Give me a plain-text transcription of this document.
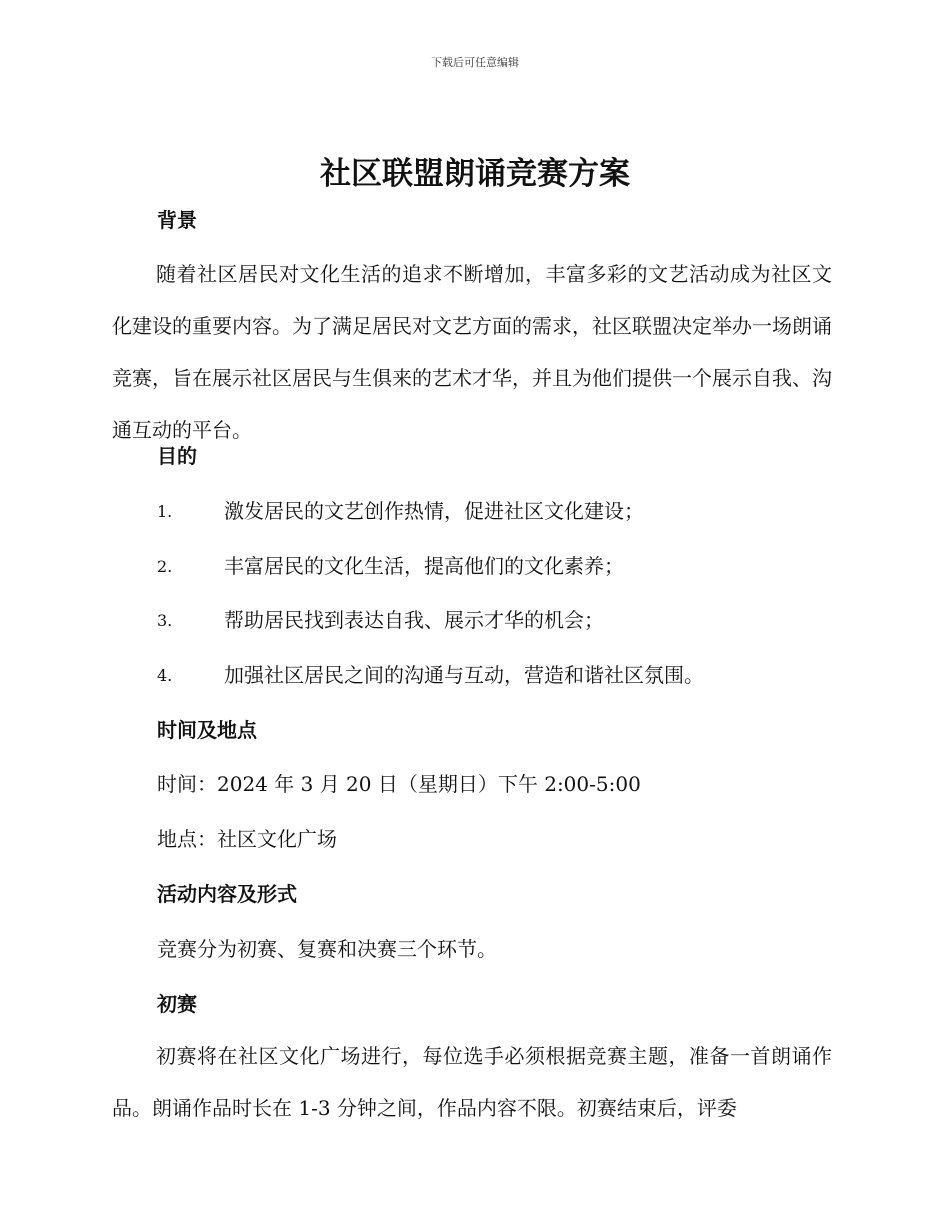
下载后可任意编辑
社区联盟朗诵竞赛方案
背景
随着社区居民对文化生活的追求不断增加，丰富多彩的文艺活动成为社区文化建设的重要内容。为了满足居民对文艺方面的需求，社区联盟决定举办一场朗诵竞赛，旨在展示社区居民与生俱来的艺术才华，并且为他们提供一个展示自我、沟通互动的平台。
目的
1.	激发居民的文艺创作热情，促进社区文化建设；
2.	丰富居民的文化生活，提高他们的文化素养；
3.	帮助居民找到表达自我、展示才华的机会；
4.	加强社区居民之间的沟通与互动，营造和谐社区氛围。
时间及地点
时间：2024 年 3 月 20 日（星期日）下午 2:00-5:00
地点：社区文化广场
活动内容及形式
竞赛分为初赛、复赛和决赛三个环节。
初赛
初赛将在社区文化广场进行，每位选手必须根据竞赛主题，准备一首朗诵作品。朗诵作品时长在 1-3 分钟之间，作品内容不限。初赛结束后，评委
